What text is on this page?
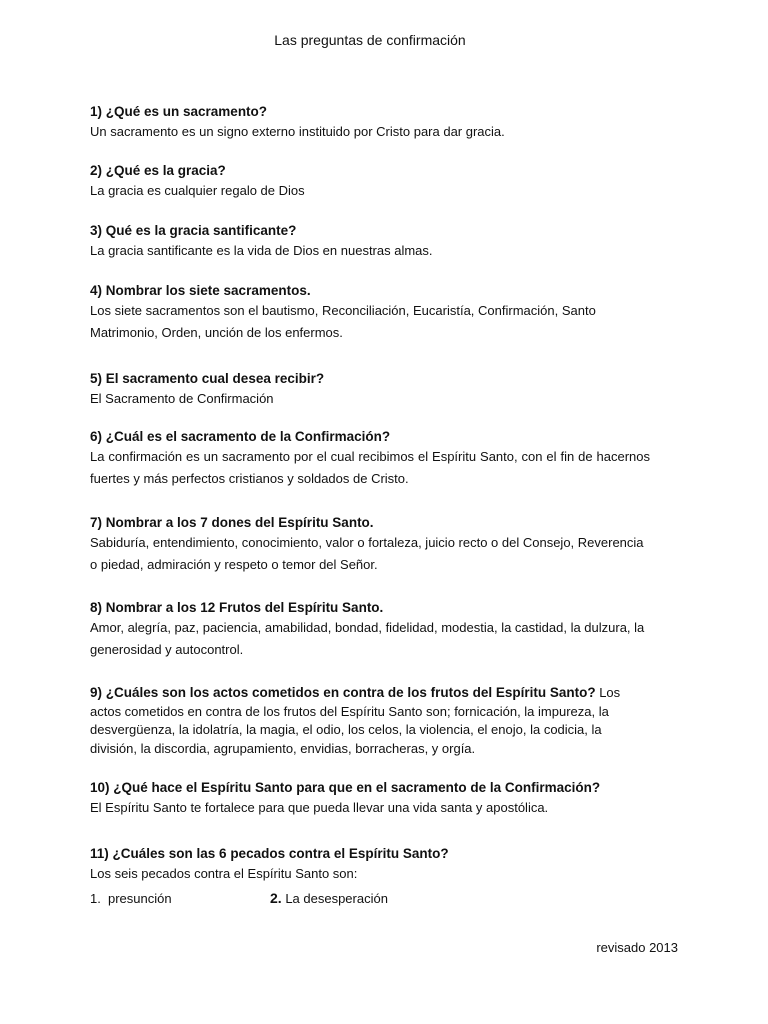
Las preguntas de confirmación
1) ¿Qué es un sacramento?
Un sacramento es un signo externo instituido por Cristo para dar gracia.
2) ¿Qué es la gracia?
La gracia es cualquier regalo de Dios
3) Qué es la gracia santificante?
La gracia santificante es la vida de Dios en nuestras almas.
4) Nombrar los siete sacramentos.
Los siete sacramentos son el bautismo, Reconciliación, Eucaristía, Confirmación, Santo Matrimonio, Orden, unción de los enfermos.
5) El sacramento cual desea recibir?
El Sacramento de Confirmación
6) ¿Cuál es el sacramento de la Confirmación?
La confirmación es un sacramento por el cual recibimos el Espíritu Santo, con el fin de hacernos fuertes y más perfectos cristianos y soldados de Cristo.
7) Nombrar a los 7 dones del Espíritu Santo.
Sabiduría, entendimiento, conocimiento, valor o fortaleza, juicio recto o del Consejo, Reverencia o piedad, admiración y respeto o temor del Señor.
8) Nombrar a los 12 Frutos del Espíritu Santo.
Amor, alegría, paz, paciencia, amabilidad, bondad, fidelidad, modestia, la castidad, la dulzura, la generosidad y autocontrol.
9) ¿Cuáles son los actos cometidos en contra de los frutos del Espíritu Santo? Los actos cometidos en contra de los frutos del Espíritu Santo son; fornicación, la impureza, la desvergüenza, la idolatría, la magia, el odio, los celos, la violencia, el enojo, la codicia, la división, la discordia, agrupamiento, envidias, borracheras, y orgía.
10) ¿Qué hace el Espíritu Santo para que en el sacramento de la Confirmación?
El Espíritu Santo te fortalece para que pueda llevar una vida santa y apostólica.
11) ¿Cuáles son las 6 pecados contra el Espíritu Santo?
Los seis pecados contra el Espíritu Santo son:
1. presunción	2. La desesperación
revisado 2013
